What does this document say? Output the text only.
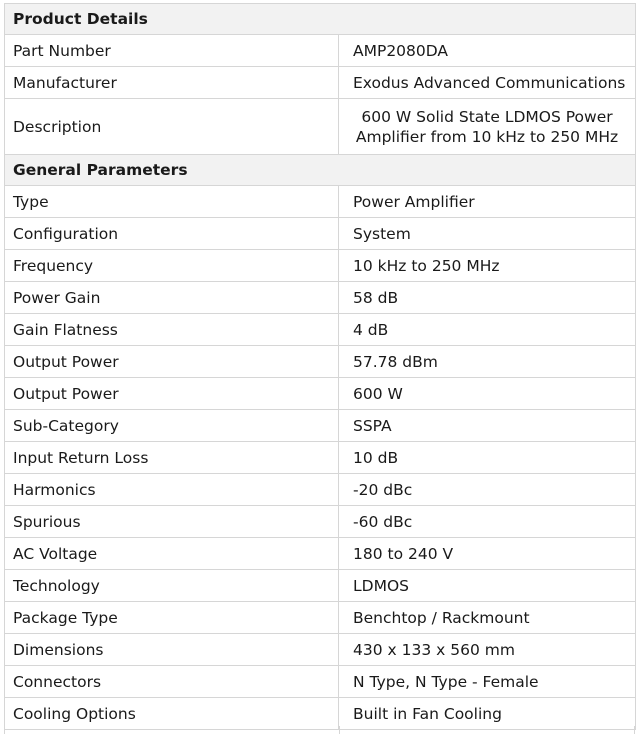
Product Details	
Part Number	AMP2080DA
Manufacturer	Exodus Advanced Communications
Description	600 W Solid State LDMOS Power Amplifier from 10 kHz to 250 MHz
General Parameters	
Type	Power Amplifier
Configuration	System
Frequency	10 kHz to 250 MHz
Power Gain	58 dB
Gain Flatness	4 dB
Output Power	57.78 dBm
Output Power	600 W
Sub-Category	SSPA
Input Return Loss	10 dB
Harmonics	-20 dBc
Spurious	-60 dBc
AC Voltage	180 to 240 V
Technology	LDMOS
Package Type	Benchtop / Rackmount
Dimensions	430 x 133 x 560 mm
Connectors	N Type, N Type - Female
Cooling Options	Built in Fan Cooling
